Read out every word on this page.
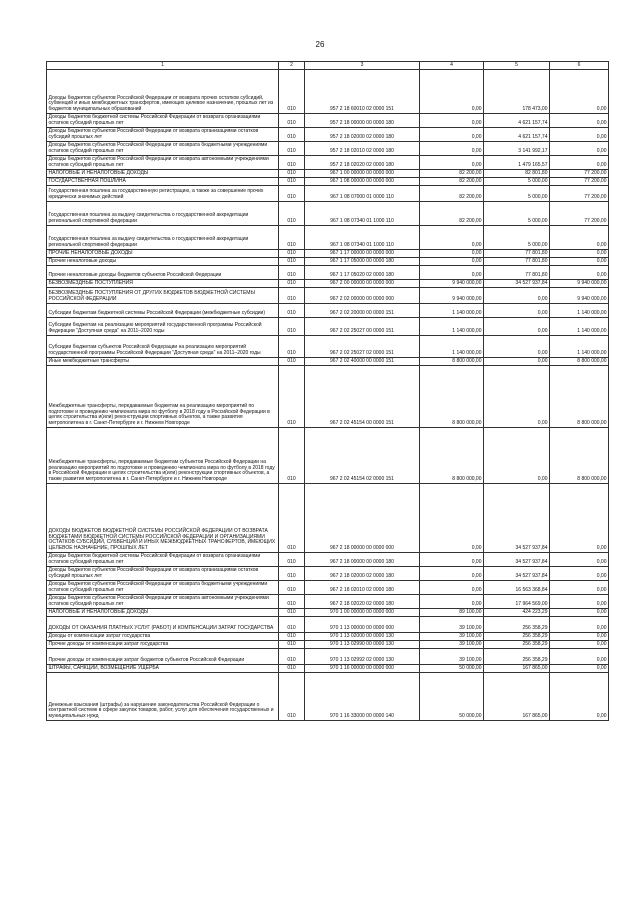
26
1	2	3	4	5	6
Доходы бюджетов субъектов Российской Федерации от возврата прочих остатков субсидий, субвенций и иных межбюджетных трансфертов, имеющих целевое назначение, прошлых лет из бюджетов муниципальных образований	010	957 2 18 60010 02 0000 151	0,00	178 473,00	0,00
Доходы бюджетов бюджетной системы Российской Федерации от возврата организациями остатков субсидий прошлых лет	010	957 2 18 00000 00 0000 180	0,00	4 621 157,74	0,00
Доходы бюджетов субъектов Российской Федерации от возврата организациями остатков субсидий прошлых лет	010	957 2 18 02000 02 0000 180	0,00	4 621 157,74	0,00
Доходы бюджетов субъектов Российской Федерации от возврата бюджетными учреждениями остатков субсидий прошлых лет	010	957 2 18 02010 02 0000 180	0,00	3 141 992,17	0,00
Доходы бюджетов субъектов Российской Федерации от возврата автономными учреждениями остатков субсидий прошлых лет	010	957 2 18 02020 02 0000 180	0,00	1 479 165,57	0,00
НАЛОГОВЫЕ И НЕНАЛОГОВЫЕ ДОХОДЫ	010	967 1 00 00000 00 0000 000	82 200,00	82 801,80	77 200,00
ГОСУДАРСТВЕННАЯ ПОШЛИНА	010	967 1 08 00000 00 0000 000	82 200,00	5 000,00	77 200,00
Государственная пошлина за государственную регистрацию, а также за совершение прочих юридически значимых действий	010	967 1 08 07000 01 0000 110	82 200,00	5 000,00	77 200,00
Государственная пошлина за выдачу свидетельства о государственной аккредитации региональной спортивной федерации	010	967 1 08 07340 01 1000 110	82 200,00	5 000,00	77 200,00
Государственная пошлина за выдачу свидетельства о государственной аккредитации региональной спортивной федерации	010	967 1 08 07340 01 1000 110	0,00	5 000,00	0,00
ПРОЧИЕ НЕНАЛОГОВЫЕ ДОХОДЫ	010	967 1 17 00000 00 0000 000	0,00	77 801,80	0,00
Прочие неналоговые доходы	010	967 1 17 05000 00 0000 180	0,00	77 801,80	0,00
Прочие неналоговые доходы бюджетов субъектов Российской Федерации	010	967 1 17 05020 02 0000 180	0,00	77 801,80	0,00
БЕЗВОЗМЕЗДНЫЕ ПОСТУПЛЕНИЯ	010	967 2 00 00000 00 0000 000	9 940 000,00	34 527 937,84	9 940 000,00
БЕЗВОЗМЕЗДНЫЕ ПОСТУПЛЕНИЯ ОТ ДРУГИХ БЮДЖЕТОВ БЮДЖЕТНОЙ СИСТЕМЫ РОССИЙСКОЙ ФЕДЕРАЦИИ	010	967 2 02 00000 00 0000 000	9 940 000,00	0,00	9 940 000,00
Субсидии бюджетам бюджетной системы Российской Федерации (межбюджетные субсидии)	010	967 2 02 20000 00 0000 151	1 140 000,00	0,00	1 140 000,00
Субсидии бюджетам на реализацию мероприятий государственной программы Российской Федерации "Доступная среда" на 2011–2020 годы	010	967 2 02 25027 00 0000 151	1 140 000,00	0,00	1 140 000,00
Субсидии бюджетам субъектов Российской Федерации на реализацию мероприятий государственной программы Российской Федерации "Доступная среда" на 2011–2020 годы	010	967 2 02 25027 02 0000 151	1 140 000,00	0,00	1 140 000,00
Иные межбюджетные трансферты	010	967 2 02 40000 00 0000 151	8 800 000,00	0,00	8 800 000,00
Межбюджетные трансферты, передаваемые бюджетам на реализацию мероприятий по подготовке и проведению чемпионата мира по футболу в 2018 году в Российской Федерации в целях строительства и(или) реконструкции спортивных объектов, а также развития метрополитена в г. Санкт-Петербурге и г. Нижнем Новгороде	010	967 2 02 45154 00 0000 151	8 800 000,00	0,00	8 800 000,00
Межбюджетные трансферты, передаваемые бюджетам субъектов Российской Федерации на реализацию мероприятий по подготовке и проведению чемпионата мира по футболу в 2018 году в Российской Федерации в целях строительства и(или) реконструкции спортивных объектов, а также развития метрополитена в г. Санкт-Петербурге и г. Нижнем Новгороде	010	967 2 02 45154 02 0000 151	8 800 000,00	0,00	8 800 000,00
ДОХОДЫ БЮДЖЕТОВ БЮДЖЕТНОЙ СИСТЕМЫ РОССИЙСКОЙ ФЕДЕРАЦИИ ОТ ВОЗВРАТА БЮДЖЕТАМИ БЮДЖЕТНОЙ СИСТЕМЫ РОССИЙСКОЙ ФЕДЕРАЦИИ И ОРГАНИЗАЦИЯМИ ОСТАТКОВ СУБСИДИЙ, СУБВЕНЦИЙ И ИНЫХ МЕЖБЮДЖЕТНЫХ ТРАНСФЕРТОВ, ИМЕЮЩИХ ЦЕЛЕВОЕ НАЗНАЧЕНИЕ, ПРОШЛЫХ ЛЕТ	010	967 2 18 00000 00 0000 000	0,00	34 527 937,84	0,00
Доходы бюджетов бюджетной системы Российской Федерации от возврата организациями остатков субсидий прошлых лет	010	967 2 18 00000 00 0000 180	0,00	34 527 937,84	0,00
Доходы бюджетов субъектов Российской Федерации от возврата организациями остатков субсидий прошлых лет	010	967 2 18 02000 02 0000 180	0,00	34 527 937,84	0,00
Доходы бюджетов субъектов Российской Федерации от возврата бюджетными учреждениями остатков субсидий прошлых лет	010	967 2 18 02010 02 0000 180	0,00	16 563 368,84	0,00
Доходы бюджетов субъектов Российской Федерации от возврата автономными учреждениями остатков субсидий прошлых лет	010	967 2 18 02020 02 0000 180	0,00	17 964 569,00	0,00
НАЛОГОВЫЕ И НЕНАЛОГОВЫЕ ДОХОДЫ	010	970 1 00 00000 00 0000 000	89 100,00	424 223,29	0,00
ДОХОДЫ ОТ ОКАЗАНИЯ ПЛАТНЫХ УСЛУГ (РАБОТ) И КОМПЕНСАЦИИ ЗАТРАТ ГОСУДАРСТВА	010	970 1 13 00000 00 0000 000	39 100,00	256 358,29	0,00
Доходы от компенсации затрат государства	010	970 1 13 02000 00 0000 130	39 100,00	256 358,29	0,00
Прочие доходы от компенсации затрат государства	010	970 1 13 02990 00 0000 130	39 100,00	256 358,29	0,00
Прочие доходы от компенсации затрат бюджетов субъектов Российской Федерации	010	970 1 13 02992 02 0000 130	39 100,00	256 358,29	0,00
ШТРАФЫ, САНКЦИИ, ВОЗМЕЩЕНИЕ УЩЕРБА	010	970 1 16 00000 00 0000 000	50 000,00	167 865,00	0,00
Денежные взыскания (штрафы) за нарушение законодательства Российской Федерации о контрактной системе в сфере закупок товаров, работ, услуг для обеспечения государственных и муниципальных нужд	010	970 1 16 33000 00 0000 140	50 000,00	167 865,00	0,00
